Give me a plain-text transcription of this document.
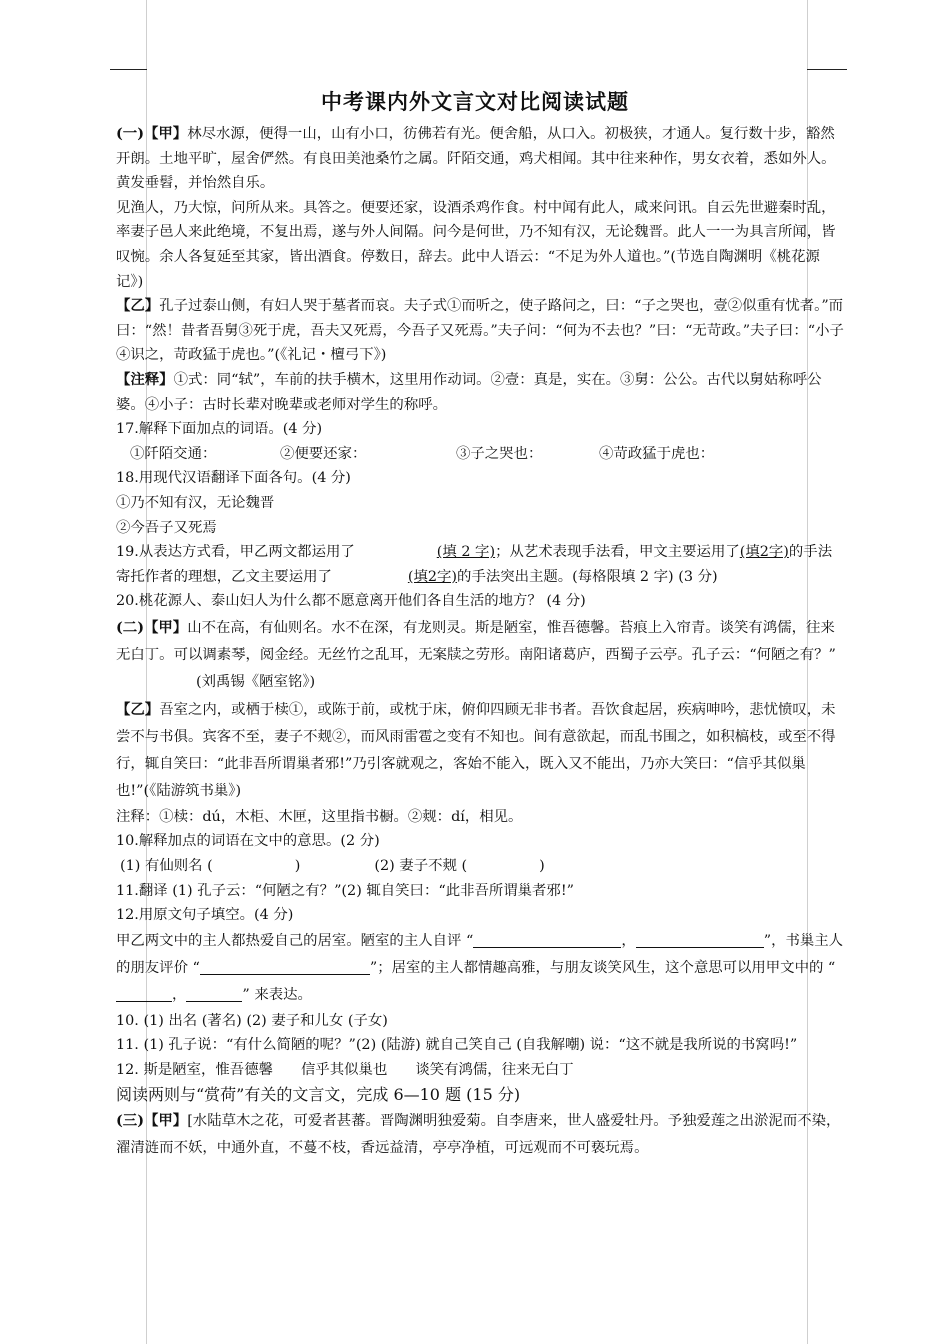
中考课内外文言文对比阅读试题

(一)【甲】林尽水源，便得一山，山有小口，彷佛若有光。便舍船，从口入。初极狭，才通人。复行数十步，豁然开朗。土地平旷，屋舍俨然。有良田美池桑竹之属。阡陌交通，鸡犬相闻。其中往来种作，男女衣着，悉如外人。黄发垂髫，并怡然自乐。

见渔人，乃大惊，问所从来。具答之。便要还家，设酒杀鸡作食。村中闻有此人，咸来问讯。自云先世避秦时乱，率妻子邑人来此绝境，不复出焉，遂与外人间隔。问今是何世，乃不知有汉，无论魏晋。此人一一为具言所闻，皆叹惋。余人各复延至其家，皆出酒食。停数日，辞去。此中人语云：“不足为外人道也。”(节选自陶渊明《桃花源记》)

【乙】孔子过泰山侧，有妇人哭于墓者而哀。夫子式①而听之，使子路问之，曰：“子之哭也，壹②似重有忧者。”而曰：“然！昔者吾舅③死于虎，吾夫又死焉，今吾子又死焉。”夫子问：“何为不去也？”曰：“无苛政。”夫子曰：“小子④识之，苛政猛于虎也。”(《礼记・檀弓下》)

【注释】①式：同“轼”，车前的扶手横木，这里用作动词。②壹：真是，实在。③舅：公公。古代以舅姑称呼公婆。④小子：古时长辈对晚辈或老师对学生的称呼。

17.解释下面加点的词语。(4 分)

①阡陌交通：	②便要还家：	③子之哭也：	④苛政猛于虎也：

18.用现代汉语翻译下面各句。(4 分)

①乃不知有汉，无论魏晋

②今吾子又死焉

19.从表达方式看，甲乙两文都运用了	(填 2 字)；从艺术表现手法看，甲文主要运用了(填2字)的手法寄托作者的理想，乙文主要运用了	(填2字)的手法突出主题。(每格限填 2 字) (3 分)

20.桃花源人、泰山妇人为什么都不愿意离开他们各自生活的地方？ (4 分)

(二)【甲】山不在高，有仙则名。水不在深，有龙则灵。斯是陋室，惟吾德馨。苔痕上入帘青。谈笑有鸿儒，往来无白丁。可以调素琴，阅金经。无丝竹之乱耳，无案牍之劳形。南阳诸葛庐，西蜀子云亭。孔子云：“何陋之有？”(刘禹锡《陋室铭》)

【乙】吾室之内，或栖于椟①，或陈于前，或枕于床，俯仰四顾无非书者。吾饮食起居，疾病呻吟，悲忧愤叹，未尝不与书俱。宾客不至，妻子不觌②，而风雨雷雹之变有不知也。间有意欲起，而乱书围之，如积槁枝，或至不得行，辄自笑曰：“此非吾所谓巢者邪!”乃引客就观之，客始不能入，既入又不能出，乃亦大笑曰：“信乎其似巢也!”(《陆游筑书巢》)

注释：①椟：dú，木柜、木匣，这里指书橱。②觌：dí，相见。

10.解释加点的词语在文中的意思。(2 分)

(1) 有仙则名 (	)	(2) 妻子不觌 (	)

11.翻译 (1) 孔子云：“何陋之有？”(2) 辄自笑曰：“此非吾所谓巢者邪!”

12.用原文句子填空。(4 分)

甲乙两文中的主人都热爱自己的居室。陋室的主人自评 “	，	”，书巢主人的朋友评价 “	”；居室的主人都情趣高雅，与朋友谈笑风生，这个意思可以用甲文中的 “，	” 来表达。

10. (1) 出名 (著名) (2) 妻子和儿女 (子女)

11. (1) 孔子说：“有什么简陋的呢？”(2) (陆游) 就自己笑自己 (自我解嘲) 说：“这不就是我所说的书窝吗!”

12. 斯是陋室，惟吾德馨 信乎其似巢也 谈笑有鸿儒，往来无白丁

阅读两则与“赏荷”有关的文言文，完成 6—10 题 (15 分)

(三)【甲】[水陆草木之花，可爱者甚蕃。晋陶渊明独爱菊。自李唐来，世人盛爱牡丹。予独爱莲之出淤泥而不染，濯清涟而不妖，中通外直，不蔓不枝，香远益清，亭亭净植，可远观而不可亵玩焉。
